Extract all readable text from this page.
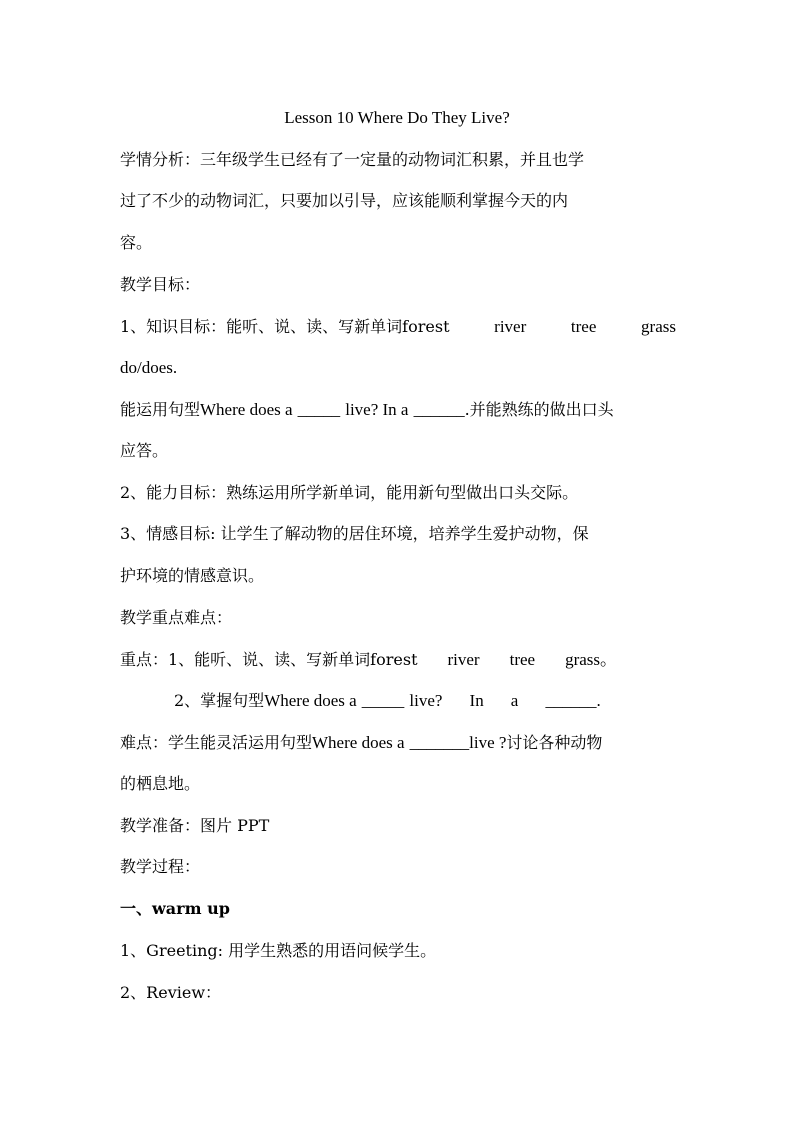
Lesson 10 Where Do They Live?
学情分析：三年级学生已经有了一定量的动物词汇积累，并且也学
过了不少的动物词汇，只要加以引导，应该能顺利掌握今天的内
容。
教学目标：
1、知识目标：能听、说、读、写新单词forest	river	tree	grass
do/does.
能运用句型Where does a _____ live? In a ______.并能熟练的做出口头
应答。
2、能力目标：熟练运用所学新单词，能用新句型做出口头交际。
3、情感目标: 让学生了解动物的居住环境，培养学生爱护动物，保
护环境的情感意识。
教学重点难点：
重点：1、能听、说、读、写新单词forest river tree grass。
2、掌握句型Where does a _____ live? In a ______.
难点：学生能灵活运用句型Where does a _______live ?讨论各种动物
的栖息地。
教学准备：图片 PPT
教学过程：
一、warm up
1、Greeting: 用学生熟悉的用语问候学生。
2、Review：
